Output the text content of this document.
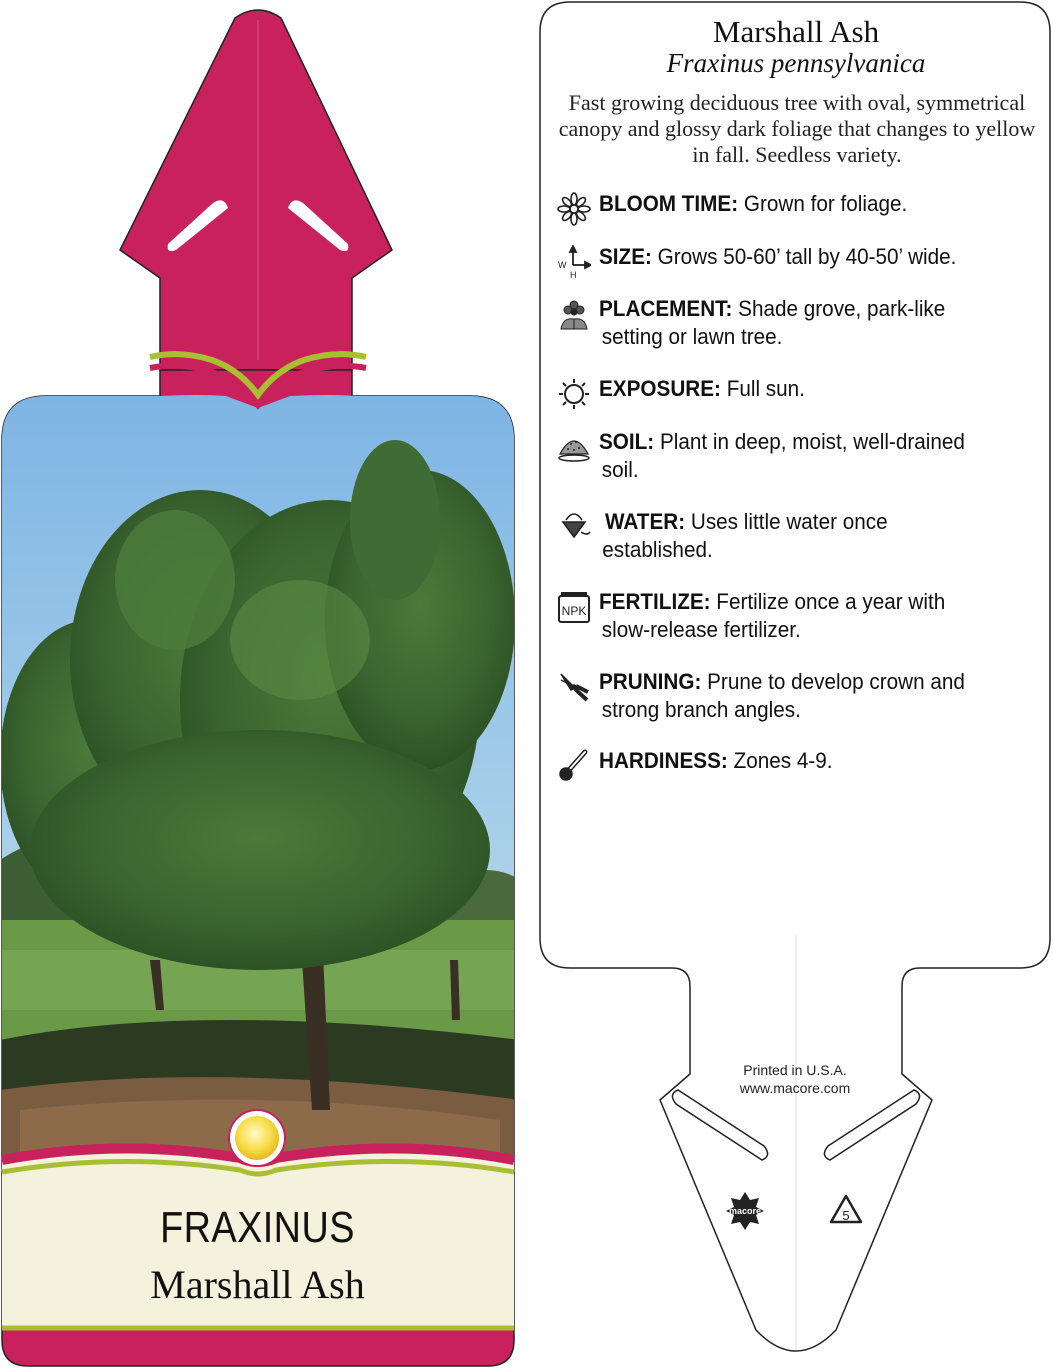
FRAXINUS
Marshall Ash
macore	5
Marshall Ash
Fraxinus pennsylvanica
Fast growing deciduous tree with oval, symmetrical canopy and glossy dark foliage that changes to yellow in fall. Seedless variety.
BLOOM TIME: Grown for foliage.
W
H
SIZE: Grows 50-60’ tall by 40-50’ wide.
PLACEMENT: Shade grove, park-like
setting or lawn tree.
EXPOSURE: Full sun.
SOIL: Plant in deep, moist, well-drained
soil.
WATER: Uses little water once
established.
NPK FERTILIZE: Fertilize once a year with
slow-release fertilizer.
PRUNING: Prune to develop crown and
strong branch angles.
HARDINESS: Zones 4-9.
Printed in U.S.A.
www.macore.com
